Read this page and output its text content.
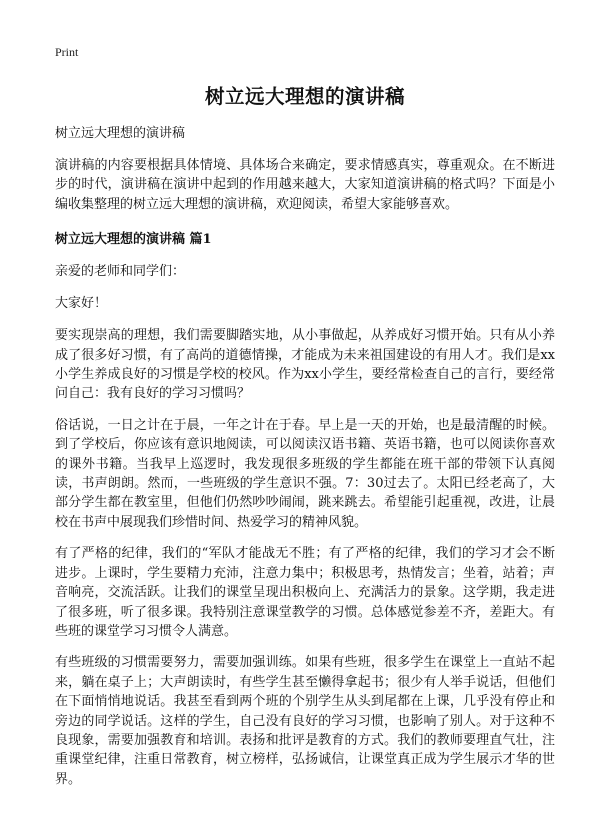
Print
树立远大理想的演讲稿
树立远大理想的演讲稿
演讲稿的内容要根据具体情境、具体场合来确定，要求情感真实，尊重观众。在不断进步的时代，演讲稿在演讲中起到的作用越来越大，大家知道演讲稿的格式吗？下面是小编收集整理的树立远大理想的演讲稿，欢迎阅读，希望大家能够喜欢。
树立远大理想的演讲稿 篇1
亲爱的老师和同学们：
大家好！
要实现崇高的理想，我们需要脚踏实地，从小事做起，从养成好习惯开始。只有从小养成了很多好习惯，有了高尚的道德情操，才能成为未来祖国建设的有用人才。我们是xx小学生养成良好的习惯是学校的校风。作为xx小学生，要经常检查自己的言行，要经常问自己：我有良好的学习习惯吗？
俗话说，一日之计在于晨，一年之计在于春。早上是一天的开始，也是最清醒的时候。到了学校后，你应该有意识地阅读，可以阅读汉语书籍、英语书籍，也可以阅读你喜欢的课外书籍。当我早上巡逻时，我发现很多班级的学生都能在班干部的带领下认真阅读，书声朗朗。然而，一些班级的学生意识不强。7：30过去了。太阳已经老高了，大部分学生都在教室里，但他们仍然吵吵闹闹，跳来跳去。希望能引起重视，改进，让晨校在书声中展现我们珍惜时间、热爱学习的精神风貌。
有了严格的纪律，我们的“军队才能战无不胜；有了严格的纪律，我们的学习才会不断进步。上课时，学生要精力充沛，注意力集中；积极思考，热情发言；坐着，站着；声音响亮，交流活跃。让我们的课堂呈现出积极向上、充满活力的景象。这学期，我走进了很多班，听了很多课。我特别注意课堂教学的习惯。总体感觉参差不齐，差距大。有些班的课堂学习习惯令人满意。
有些班级的习惯需要努力，需要加强训练。如果有些班，很多学生在课堂上一直站不起来，躺在桌子上；大声朗读时，有些学生甚至懒得拿起书；很少有人举手说话，但他们在下面悄悄地说话。我甚至看到两个班的个别学生从头到尾都在上课，几乎没有停止和旁边的同学说话。这样的学生，自己没有良好的学习习惯，也影响了别人。对于这种不良现象，需要加强教育和培训。表扬和批评是教育的方式。我们的教师要理直气壮，注重课堂纪律，注重日常教育，树立榜样，弘扬诚信，让课堂真正成为学生展示才华的世界。
